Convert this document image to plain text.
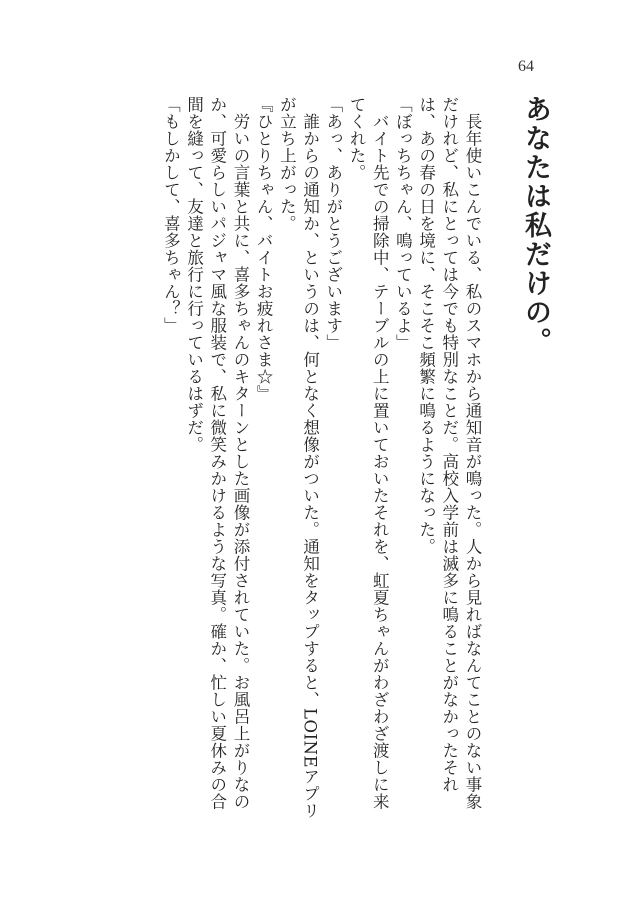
64
あなたは私だけの。

　長年使いこんでいる、私のスマホから通知音が鳴った。人から見ればなんてことのない事象だけれど、私にとっては今でも特別なことだ。高校入学前は滅多に鳴ることがなかったそれは、あの春の日を境に、そこそこ頻繁に鳴るようになった。

「ぼっちちゃん、鳴っているよ」

　バイト先での掃除中、テーブルの上に置いておいたそれを、虹夏ちゃんがわざわざ渡しに来てくれた。

「あっ、ありがとうございます」

　誰からの通知か、というのは、何となく想像がついた。通知をタップすると、LOINEアプリが立ち上がった。

『ひとりちゃん、バイトお疲れさま☆』

　労いの言葉と共に、喜多ちゃんのキターンとした画像が添付されていた。お風呂上がりなのか、可愛らしいパジャマ風な服装で、私に微笑みかけるような写真。確か、忙しい夏休みの合間を縫って、友達と旅行に行っているはずだ。

「もしかして、喜多ちゃん？」
